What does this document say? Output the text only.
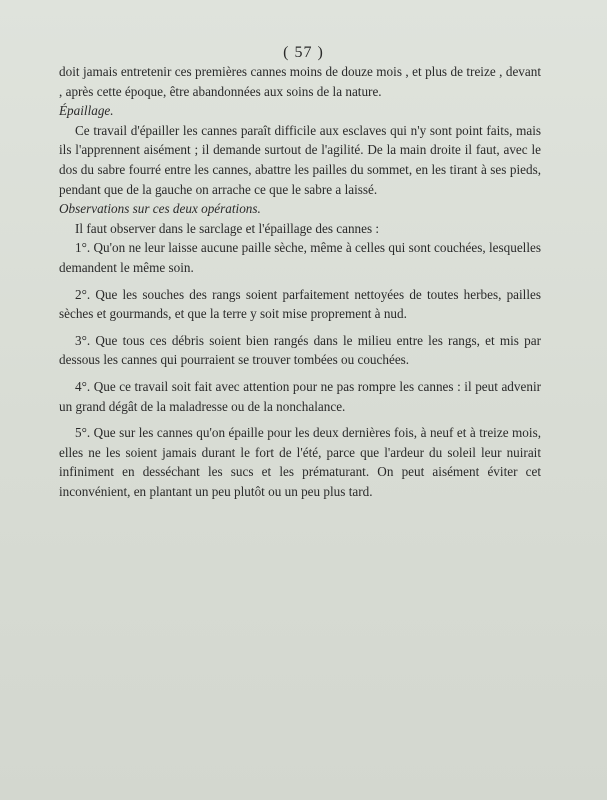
( 57 )

doit jamais entretenir ces premières cannes moins de douze mois , et plus de treize , devant , après cette époque, être abandonnées aux soins de la nature.

Épaillage.

Ce travail d'épailler les cannes paraît difficile aux esclaves qui n'y sont point faits, mais ils l'apprennent aisément ; il demande surtout de l'agilité. De la main droite il faut, avec le dos du sabre fourré entre les cannes, abattre les pailles du sommet, en les tirant à ses pieds, pendant que de la gauche on arrache ce que le sabre a laissé.

Observations sur ces deux opérations.

Il faut observer dans le sarclage et l'épaillage des cannes :

1°. Qu'on ne leur laisse aucune paille sèche, même à celles qui sont couchées, lesquelles demandent le même soin.

2°. Que les souches des rangs soient parfaitement nettoyées de toutes herbes, pailles sèches et gourmands, et que la terre y soit mise proprement à nud.

3°. Que tous ces débris soient bien rangés dans le milieu entre les rangs, et mis par dessous les cannes qui pourraient se trouver tombées ou couchées.

4°. Que ce travail soit fait avec attention pour ne pas rompre les cannes : il peut advenir un grand dégât de la maladresse ou de la nonchalance.

5°. Que sur les cannes qu'on épaille pour les deux dernières fois, à neuf et à treize mois, elles ne les soient jamais durant le fort de l'été, parce que l'ardeur du soleil leur nuirait infiniment en desséchant les sucs et les prématurant. On peut aisément éviter cet inconvénient, en plantant un peu plutôt ou un peu plus tard.
